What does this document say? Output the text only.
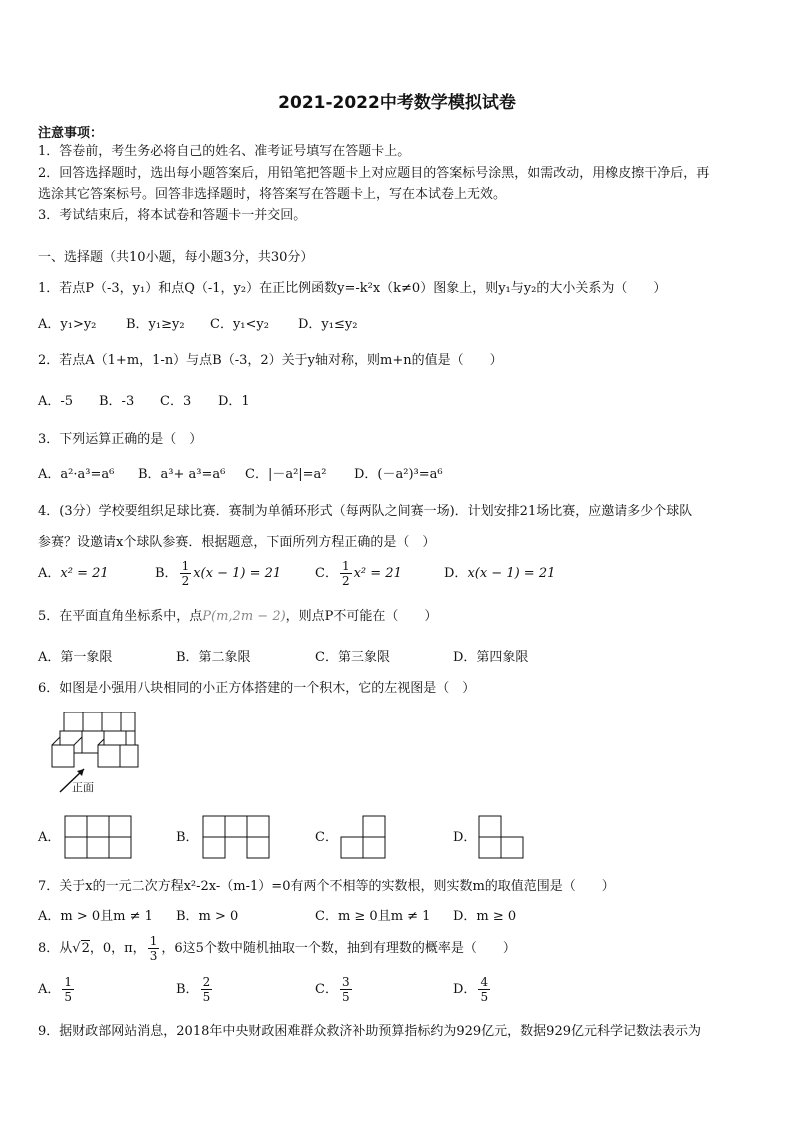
2021-2022中考数学模拟试卷
注意事项：
1．答卷前，考生务必将自己的姓名、准考证号填写在答题卡上。
2．回答选择题时，选出每小题答案后，用铅笔把答题卡上对应题目的答案标号涂黑，如需改动，用橡皮擦干净后，再
选涂其它答案标号。回答非选择题时，将答案写在答题卡上，写在本试卷上无效。
3．考试结束后，将本试卷和答题卡一并交回。
一、选择题（共10小题，每小题3分，共30分）
1．若点P（-3，y₁）和点Q（-1，y₂）在正比例函数y=-k²x（k≠0）图象上，则y₁与y₂的大小关系为（　　）
A．y₁>y₂ B．y₁≥y₂ C．y₁<y₂ D．y₁≤y₂
2．若点A（1+m，1-n）与点B（-3，2）关于y轴对称，则m+n的值是（　　）
A．-5 B．-3 C．3 D．1
3．下列运算正确的是（　）
A．a²·a³=a⁶ B．a³+ a³=a⁶ C．|－a²|=a² D．(－a²)³=a⁶
4．(3分）学校要组织足球比赛．赛制为单循环形式（每两队之间赛一场)．计划安排21场比赛，应邀请多少个球队
参赛？设邀请x个球队参赛．根据题意，下面所列方程正确的是（　）
A．x² = 21	B． $\frac{1}{2} x(x - 1) = 21$	C． $\frac{1}{2} x^2 = 21$	D．x(x − 1) = 21
5．在平面直角坐标系中，点P(m,2m − 2)，则点P不可能在（　　）
A．第一象限	B．第二象限	C．第三象限	D．第四象限
6．如图是小强用八块相同的小正方体搭建的一个积木，它的左视图是（　）
正面
A．	B．	C．	D．
7．关于x的一元二次方程x²-2x-（m-1）=0有两个不相等的实数根，则实数m的取值范围是（　　）
A．m > 0且m ≠ 1 B．m > 0	C．m ≥ 0且m ≠ 1 D．m ≥ 0
8．从√2，0，π， $\frac{1}{3}$ ，6这5个数中随机抽取一个数，抽到有理数的概率是（　　）
A． $\frac{1}{5}$	B． $\frac{2}{5}$	C． $\frac{3}{5}$	D． $\frac{4}{5}$
9．据财政部网站消息，2018年中央财政困难群众救济补助预算指标约为929亿元，数据929亿元科学记数法表示为
